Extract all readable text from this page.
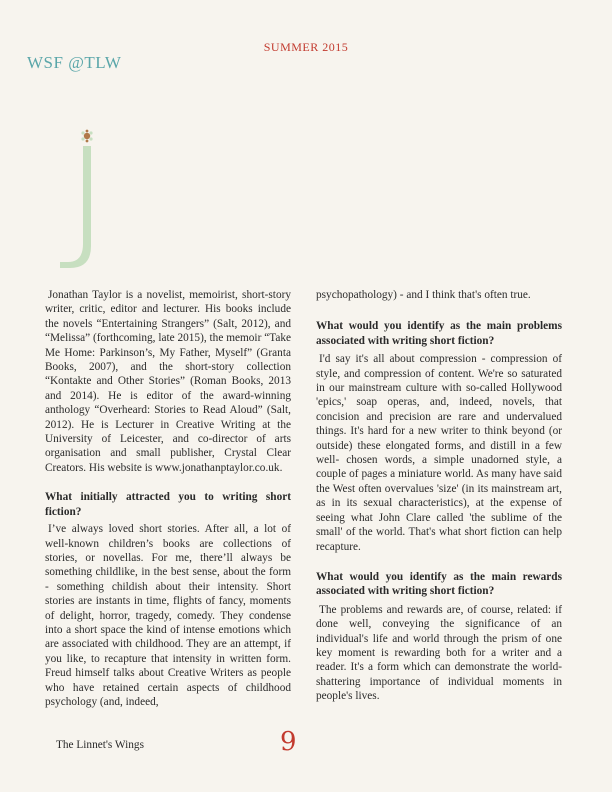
SUMMER 2015
WSF @TLW

Jonathan Taylor is a novelist, memoirist, short-story writer, critic, editor and lecturer. His books include the novels “Entertaining Strangers” (Salt, 2012), and “Melissa” (forthcoming, late 2015), the memoir “Take Me Home: Parkinson’s, My Father, Myself” (Granta Books, 2007), and the short-story collection “Kontakte and Other Stories” (Roman Books, 2013 and 2014). He is editor of the award-winning anthology “Overheard: Stories to Read Aloud” (Salt, 2012). He is Lecturer in Creative Writing at the University of Leicester, and co-director of arts organisation and small publisher, Crystal Clear Creators. His website is www.jonathanptaylor.co.uk.

What initially attracted you to writing short fiction?

I’ve always loved short stories. After all, a lot of well-known children’s books are collections of stories, or novellas. For me, there’ll always be something childlike, in the best sense, about the form - something childish about their intensity. Short stories are instants in time, flights of fancy, moments of delight, horror, tragedy, comedy. They condense into a short space the kind of intense emotions which are associated with childhood. They are an attempt, if you like, to recapture that intensity in written form. Freud himself talks about Creative Writers as people who have retained certain aspects of childhood psychology (and, indeed,

psychopathology) - and I think that's often true.

What would you identify as the main problems associated with writing short fiction?

I'd say it's all about compression - compression of style, and compression of content. We're so saturated in our mainstream culture with so-called Hollywood 'epics,' soap operas, and, indeed, novels, that concision and precision are rare and undervalued things. It's hard for a new writer to think beyond (or outside) these elongated forms, and distill in a few well- chosen words, a simple unadorned style, a couple of pages a miniature world. As many have said the West often overvalues 'size' (in its mainstream art, as in its sexual characteristics), at the expense of seeing what John Clare called 'the sublime of the small' of the world. That's what short fiction can help recapture.

What would you identify as the main rewards associated with writing short fiction?

The problems and rewards are, of course, related: if done well, conveying the significance of an individual's life and world through the prism of one key moment is rewarding both for a writer and a reader. It's a form which can demonstrate the world-shattering importance of individual moments in people's lives.

The Linnet's Wings	9
